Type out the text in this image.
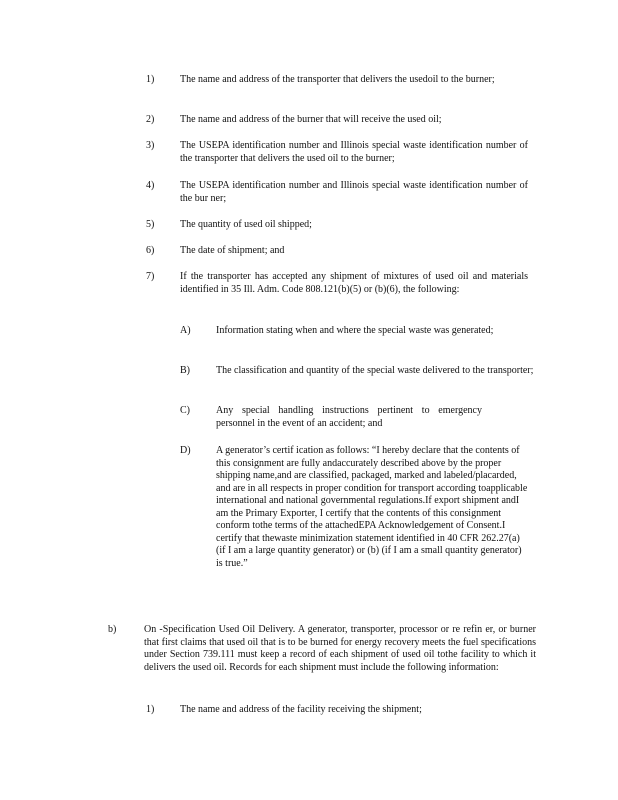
1)	The name and address of the transporter that delivers the usedoil to the burner;

2)	The name and address of the burner that will receive the used oil;

3)	The USEPA identification number and Illinois special waste identification number of the transporter that delivers the used oil to the burner;

4)	The USEPA identification number and Illinois special waste identification number of the bur ner;

5)	The quantity of used oil shipped;

6)	The date of shipment; and

7)	If the transporter has accepted any shipment of mixtures of used oil and materials identified in 35 Ill. Adm. Code 808.121(b)(5) or (b)(6), the following:

A)	Information stating when and where the special waste was generated;

B)	The classification and quantity of the special waste delivered to the transporter;

C)	Any special handling instructions pertinent to emergency personnel in the event of an accident; and

D)	A generator’s certif ication as follows: “I hereby declare that the contents of this consignment are fully andaccurately described above by the proper shipping name,and are classified, packaged, marked and labeled/placarded, and are in all respects in proper condition for transport according toapplicable international and national governmental regulations.If export shipment andI am the Primary Exporter, I certify that the contents of this consignment conform tothe terms of the attachedEPA Acknowledgement of Consent.I certify that thewaste minimization statement identified in 40 CFR 262.27(a) (if I am a large quantity generator) or (b) (if I am a small quantity generator) is true.”

b)	On -Specification Used Oil Delivery. A generator, transporter, processor or re refin er, or burner that first claims that used oil that is to be burned for energy recovery meets the fuel specifications under Section 739.111 must keep a record of each shipment of used oil tothe facility to which it delivers the used oil. Records for each shipment must include the following information:

1)	The name and address of the facility receiving the shipment;
